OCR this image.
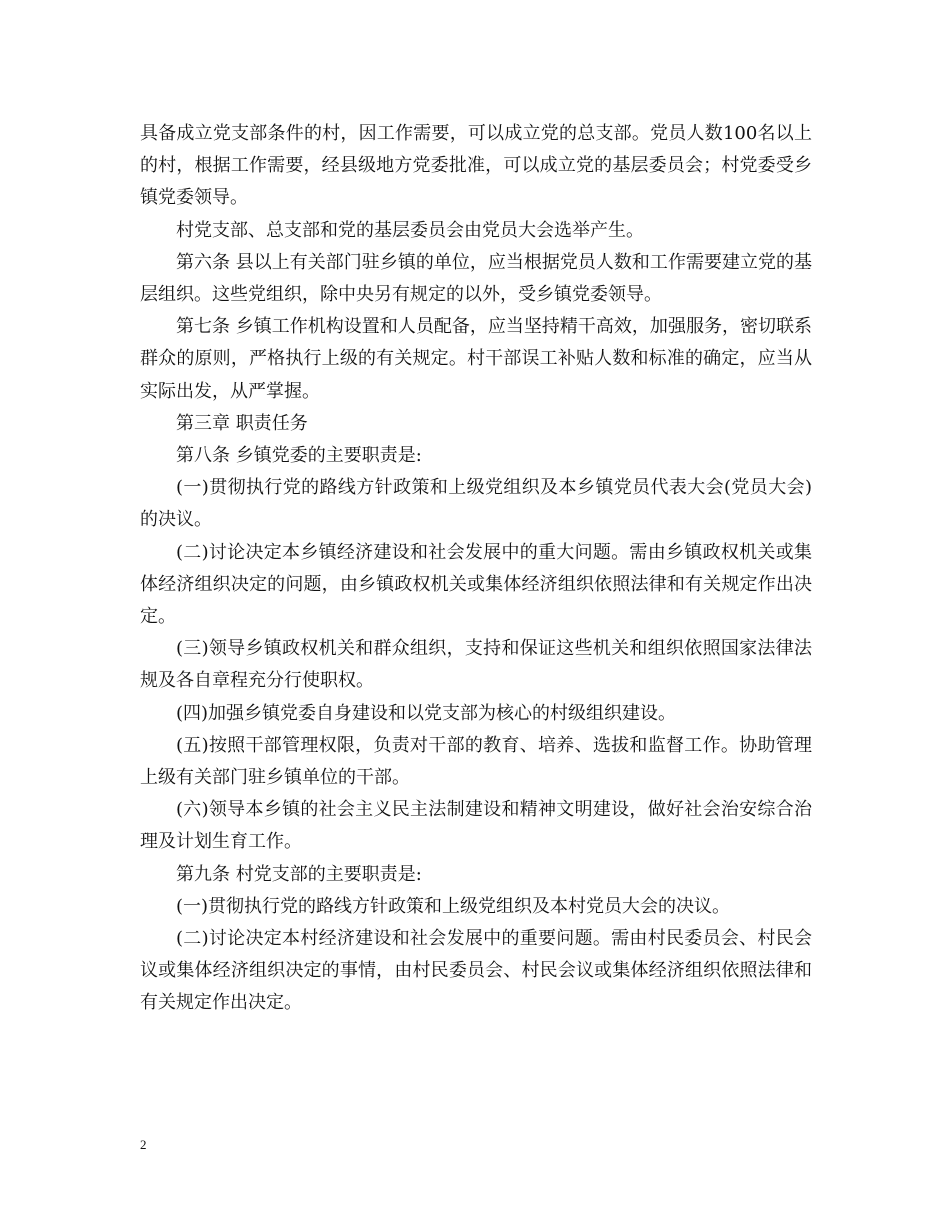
具备成立党支部条件的村，因工作需要，可以成立党的总支部。党员人数100名以上的村，根据工作需要，经县级地方党委批准，可以成立党的基层委员会；村党委受乡镇党委领导。

村党支部、总支部和党的基层委员会由党员大会选举产生。

第六条 县以上有关部门驻乡镇的单位，应当根据党员人数和工作需要建立党的基层组织。这些党组织，除中央另有规定的以外，受乡镇党委领导。

第七条 乡镇工作机构设置和人员配备，应当坚持精干高效，加强服务，密切联系群众的原则，严格执行上级的有关规定。村干部误工补贴人数和标准的确定，应当从实际出发，从严掌握。

第三章 职责任务

第八条 乡镇党委的主要职责是:

(一)贯彻执行党的路线方针政策和上级党组织及本乡镇党员代表大会(党员大会)的决议。

(二)讨论决定本乡镇经济建设和社会发展中的重大问题。需由乡镇政权机关或集体经济组织决定的问题，由乡镇政权机关或集体经济组织依照法律和有关规定作出决定。

(三)领导乡镇政权机关和群众组织，支持和保证这些机关和组织依照国家法律法规及各自章程充分行使职权。

(四)加强乡镇党委自身建设和以党支部为核心的村级组织建设。

(五)按照干部管理权限，负责对干部的教育、培养、选拔和监督工作。协助管理上级有关部门驻乡镇单位的干部。

(六)领导本乡镇的社会主义民主法制建设和精神文明建设，做好社会治安综合治理及计划生育工作。

第九条 村党支部的主要职责是:

(一)贯彻执行党的路线方针政策和上级党组织及本村党员大会的决议。

(二)讨论决定本村经济建设和社会发展中的重要问题。需由村民委员会、村民会议或集体经济组织决定的事情，由村民委员会、村民会议或集体经济组织依照法律和有关规定作出决定。

2
